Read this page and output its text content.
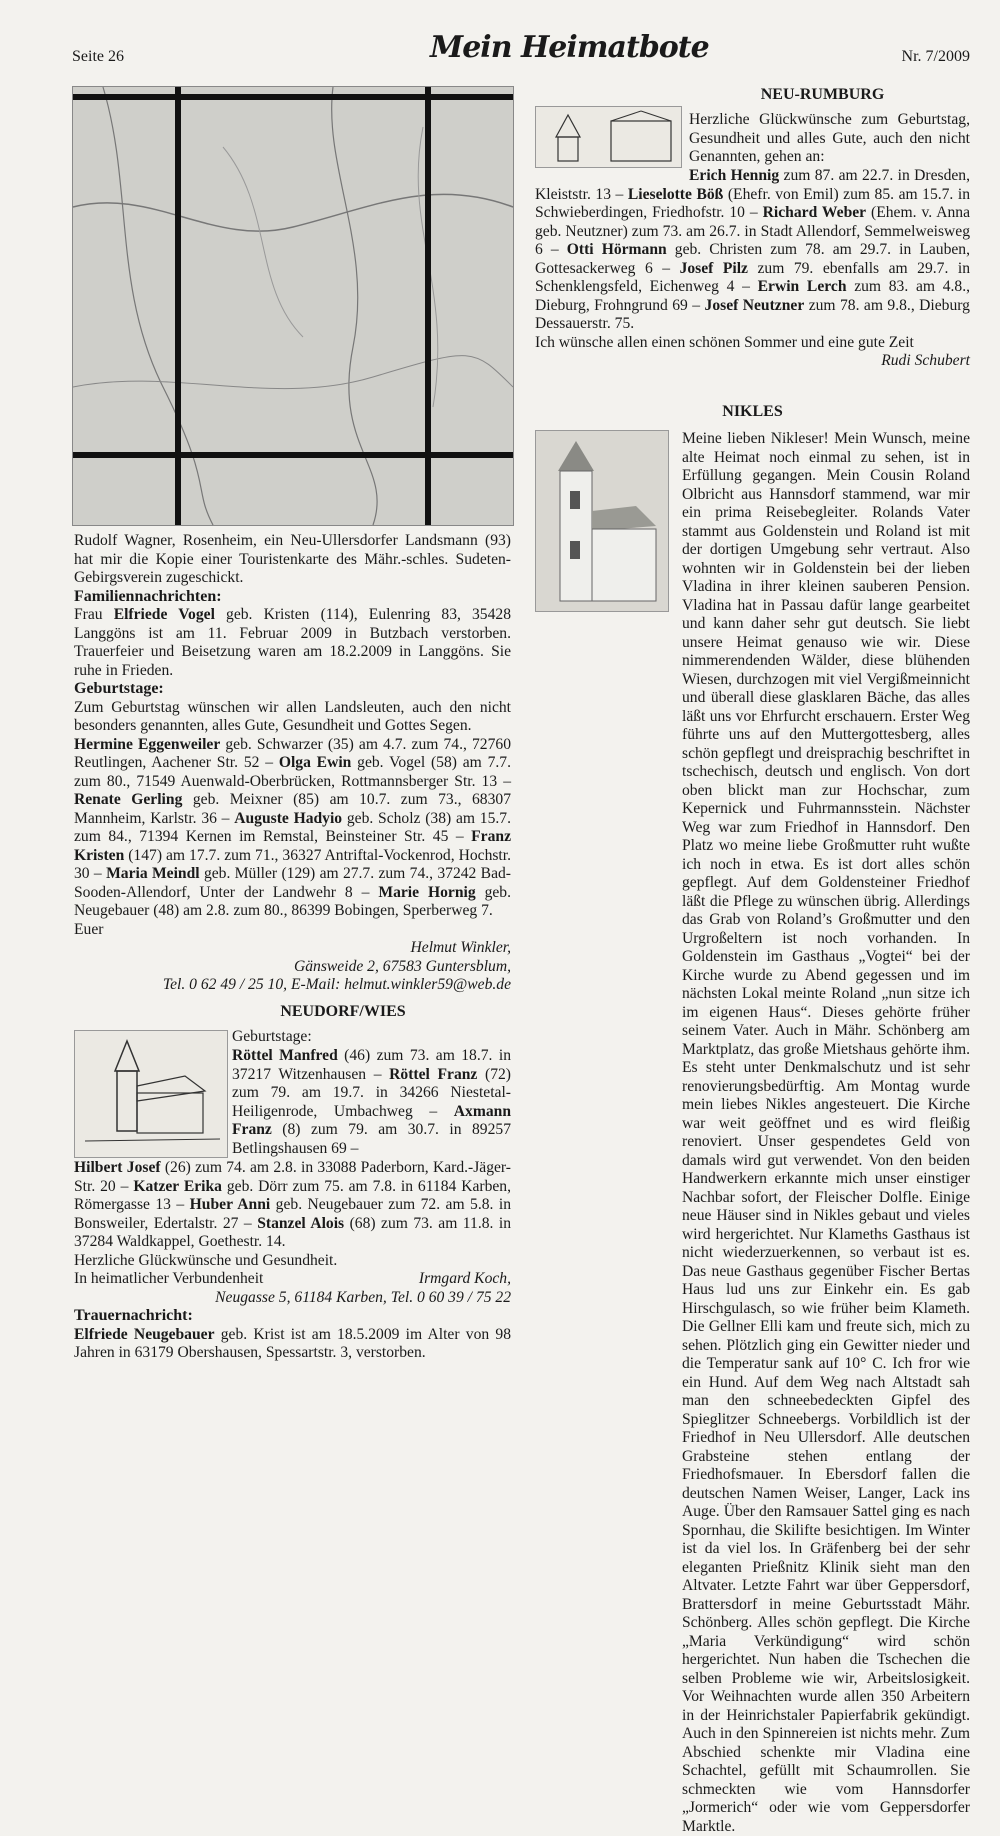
Seite 26	Mein Heimatbote	Nr. 7/2009

Rudolf Wagner, Rosenheim, ein Neu-Ullersdorfer Landsmann (93) hat mir die Kopie einer Touristenkarte des Mähr.-schles. Sudeten-Gebirgsverein zugeschickt.

Familiennachrichten:

Frau Elfriede Vogel geb. Kristen (114), Eulenring 83, 35428 Langgöns ist am 11. Februar 2009 in Butzbach verstorben. Trauerfeier und Beisetzung waren am 18.2.2009 in Langgöns. Sie ruhe in Frieden.

Geburtstage:

Zum Geburtstag wünschen wir allen Landsleuten, auch den nicht besonders genannten, alles Gute, Gesundheit und Gottes Segen.

Hermine Eggenweiler geb. Schwarzer (35) am 4.7. zum 74., 72760 Reutlingen, Aachener Str. 52 – Olga Ewin geb. Vogel (58) am 7.7. zum 80., 71549 Auenwald-Oberbrücken, Rottmannsberger Str. 13 – Renate Gerling geb. Meixner (85) am 10.7. zum 73., 68307 Mannheim, Karlstr. 36 – Auguste Hadyio geb. Scholz (38) am 15.7. zum 84., 71394 Kernen im Remstal, Beinsteiner Str. 45 – Franz Kristen (147) am 17.7. zum 71., 36327 Antriftal-Vockenrod, Hochstr. 30 – Maria Meindl geb. Müller (129) am 27.7. zum 74., 37242 Bad-Sooden-Allendorf, Unter der Landwehr 8 – Marie Hornig geb. Neugebauer (48) am 2.8. zum 80., 86399 Bobingen, Sperberweg 7.

Euer

Helmut Winkler,

Gänsweide 2, 67583 Guntersblum,

Tel. 0 62 49 / 25 10, E-Mail: helmut.winkler59@web.de

NEUDORF/WIES

Geburtstage:

Röttel Manfred (46) zum 73. am 18.7. in 37217 Witzenhausen – Röttel Franz (72) zum 79. am 19.7. in 34266 Niestetal-Heiligenrode, Umbachweg – Axmann Franz (8) zum 79. am 30.7. in 89257 Betlingshausen 69 –

Hilbert Josef (26) zum 74. am 2.8. in 33088 Paderborn, Kard.-Jäger-Str. 20 – Katzer Erika geb. Dörr zum 75. am 7.8. in 61184 Karben, Römergasse 13 – Huber Anni geb. Neugebauer zum 72. am 5.8. in Bonsweiler, Edertalstr. 27 – Stanzel Alois (68) zum 73. am 11.8. in 37284 Waldkappel, Goethestr. 14.

Herzliche Glückwünsche und Gesundheit.

In heimatlicher Verbundenheit	Irmgard Koch,

Neugasse 5, 61184 Karben, Tel. 0 60 39 / 75 22

Trauernachricht:

Elfriede Neugebauer geb. Krist ist am 18.5.2009 im Alter von 98 Jahren in 63179 Obershausen, Spessartstr. 3, verstorben.

NEU-RUMBURG

Herzliche Glückwünsche zum Geburtstag, Gesundheit und alles Gute, auch den nicht Genannten, gehen an:

Erich Hennig zum 87. am 22.7. in Dresden, Kleiststr. 13 – Lieselotte Böß (Ehefr. von Emil) zum 85. am 15.7. in Schwieberdingen, Friedhofstr. 10 – Richard Weber (Ehem. v. Anna geb. Neutzner) zum 73. am 26.7. in Stadt Allendorf, Semmelweisweg 6 – Otti Hörmann geb. Christen zum 78. am 29.7. in Lauben, Gottesackerweg 6 – Josef Pilz zum 79. ebenfalls am 29.7. in Schenklengsfeld, Eichenweg 4 – Erwin Lerch zum 83. am 4.8., Dieburg, Frohngrund 69 – Josef Neutzner zum 78. am 9.8., Dieburg Dessauerstr. 75.

Ich wünsche allen einen schönen Sommer und eine gute Zeit

Rudi Schubert

NIKLES

Meine lieben Nikleser! Mein Wunsch, meine alte Heimat noch einmal zu sehen, ist in Erfüllung gegangen. Mein Cousin Roland Olbricht aus Hannsdorf stammend, war mir ein prima Reisebegleiter. Rolands Vater stammt aus Goldenstein und Roland ist mit der dortigen Umgebung sehr vertraut. Also wohnten wir in Goldenstein bei der lieben Vladina in ihrer kleinen sauberen Pension. Vladina hat in Passau dafür lange gearbeitet und kann daher sehr gut deutsch. Sie liebt unsere Heimat genauso wie wir. Diese nimmerendenden Wälder, diese blühenden Wiesen, durchzogen mit viel Vergißmeinnicht und überall diese glasklaren Bäche, das alles läßt uns vor Ehrfurcht erschauern. Erster Weg führte uns auf den Muttergottesberg, alles schön gepflegt und dreisprachig beschriftet in tschechisch, deutsch und englisch. Von dort oben blickt man zur Hochschar, zum Kepernick und Fuhrmannsstein. Nächster Weg war zum Friedhof in Hannsdorf. Den Platz wo meine liebe Großmutter ruht wußte ich noch in etwa. Es ist dort alles schön gepflegt. Auf dem Goldensteiner Friedhof läßt die Pflege zu wünschen übrig. Allerdings das Grab von Roland’s Großmutter und den Urgroßeltern ist noch vorhanden. In Goldenstein im Gasthaus „Vogtei“ bei der Kirche wurde zu Abend gegessen und im nächsten Lokal meinte Roland „nun sitze ich im eigenen Haus“. Dieses gehörte früher seinem Vater. Auch in Mähr. Schönberg am Marktplatz, das große Mietshaus gehörte ihm. Es steht unter Denkmalschutz und ist sehr renovierungsbedürftig. Am Montag wurde mein liebes Nikles angesteuert. Die Kirche war weit geöffnet und es wird fleißig renoviert. Unser gespendetes Geld von damals wird gut verwendet. Von den beiden Handwerkern erkannte mich unser einstiger Nachbar sofort, der Fleischer Dolfle. Einige neue Häuser sind in Nikles gebaut und vieles wird hergerichtet. Nur Klameths Gasthaus ist nicht wiederzuerkennen, so verbaut ist es. Das neue Gasthaus gegenüber Fischer Bertas Haus lud uns zur Einkehr ein. Es gab Hirschgulasch, so wie früher beim Klameth. Die Gellner Elli kam und freute sich, mich zu sehen. Plötzlich ging ein Gewitter nieder und die Temperatur sank auf 10° C. Ich fror wie ein Hund. Auf dem Weg nach Altstadt sah man den schneebedeckten Gipfel des Spieglitzer Schneebergs. Vorbildlich ist der Friedhof in Neu Ullersdorf. Alle deutschen Grabsteine stehen entlang der Friedhofsmauer. In Ebersdorf fallen die deutschen Namen Weiser, Langer, Lack ins Auge. Über den Ramsauer Sattel ging es nach Spornhau, die Skilifte besichtigen. Im Winter ist da viel los. In Gräfenberg bei der sehr eleganten Prießnitz Klinik sieht man den Altvater. Letzte Fahrt war über Geppersdorf, Brattersdorf in meine Geburtsstadt Mähr. Schönberg. Alles schön gepflegt. Die Kirche „Maria Verkündigung“ wird schön hergerichtet. Nun haben die Tschechen die selben Probleme wie wir, Arbeitslosigkeit. Vor Weihnachten wurde allen 350 Arbeitern in der Heinrichstaler Papierfabrik gekündigt. Auch in den Spinnereien ist nichts mehr. Zum Abschied schenkte mir Vladina eine Schachtel, gefüllt mit Schaumrollen. Sie schmeckten wie vom Hannsdorfer „Jormerich“ oder wie vom Geppersdorfer Marktle.
